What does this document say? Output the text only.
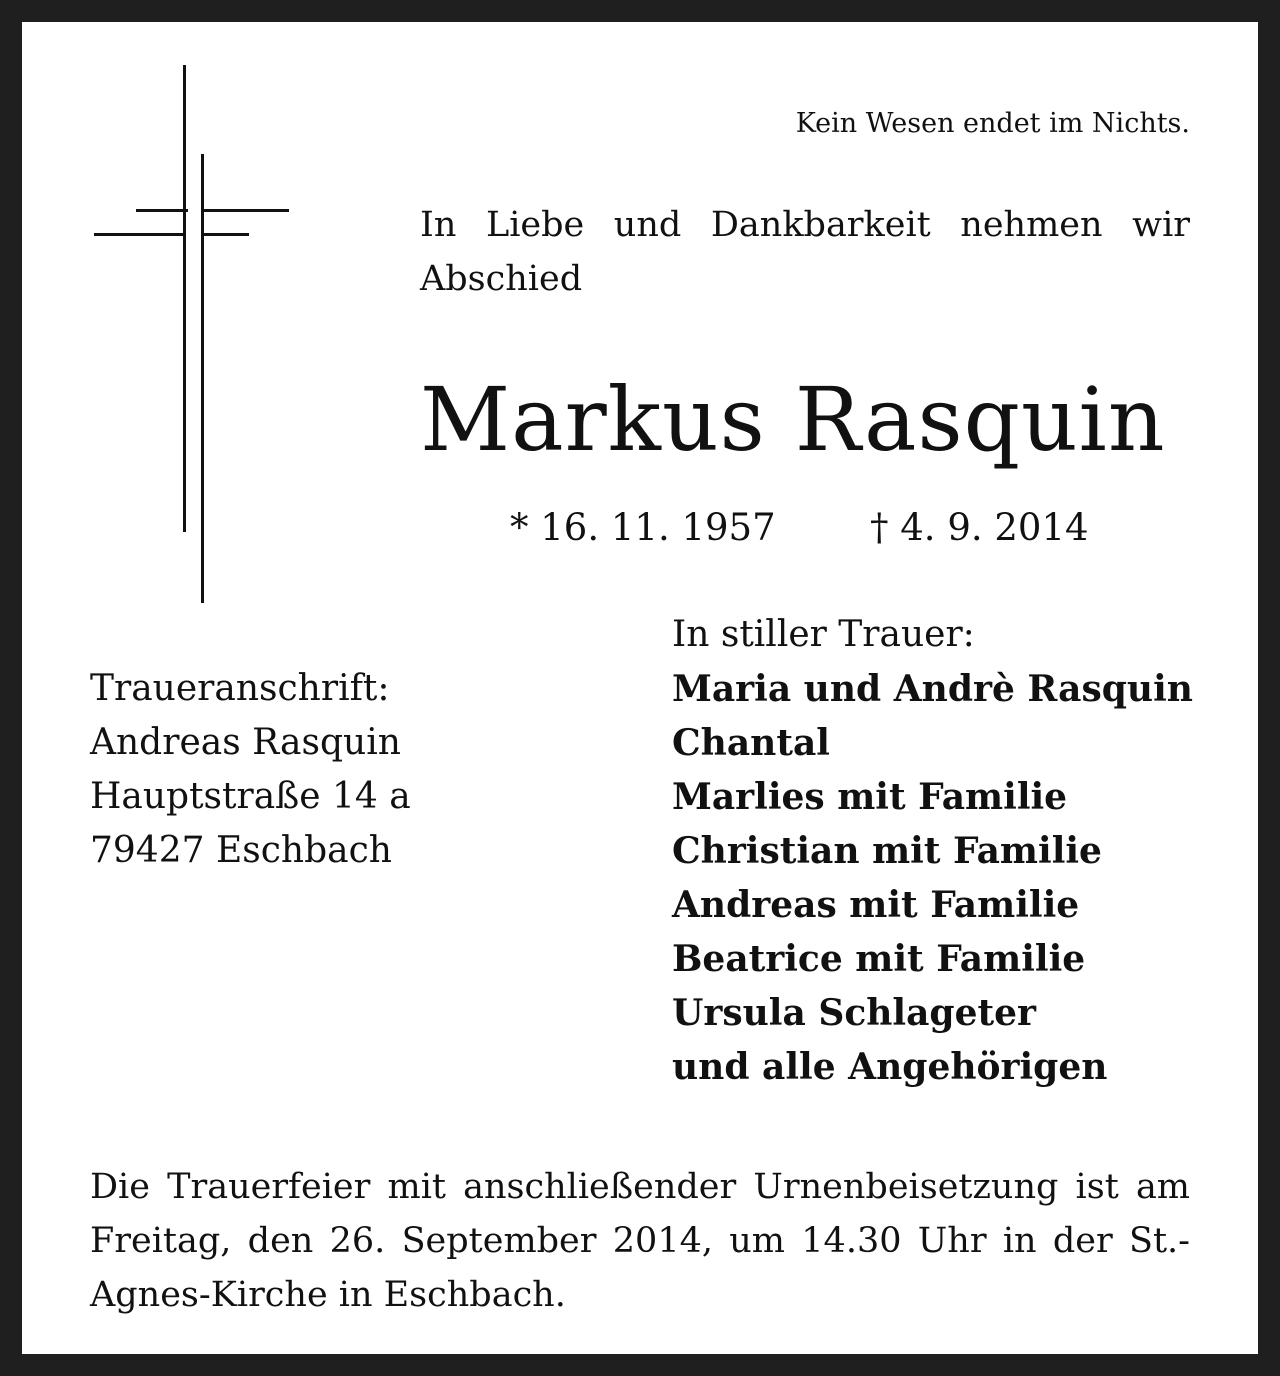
Kein Wesen endet im Nichts.
In Liebe und Dankbarkeit nehmen wir Abschied
Markus Rasquin
* 16. 11. 1957	† 4. 9. 2014
Traueranschrift:
Andreas Rasquin
Hauptstraße 14 a
79427 Eschbach
In stiller Trauer:
Maria und Andrè Rasquin
Chantal
Marlies mit Familie
Christian mit Familie
Andreas mit Familie
Beatrice mit Familie
Ursula Schlageter
und alle Angehörigen
Die Trauerfeier mit anschließender Urnenbeisetzung ist am Freitag, den 26. September 2014, um 14.30 Uhr in der St.-Agnes-Kirche in Eschbach.
